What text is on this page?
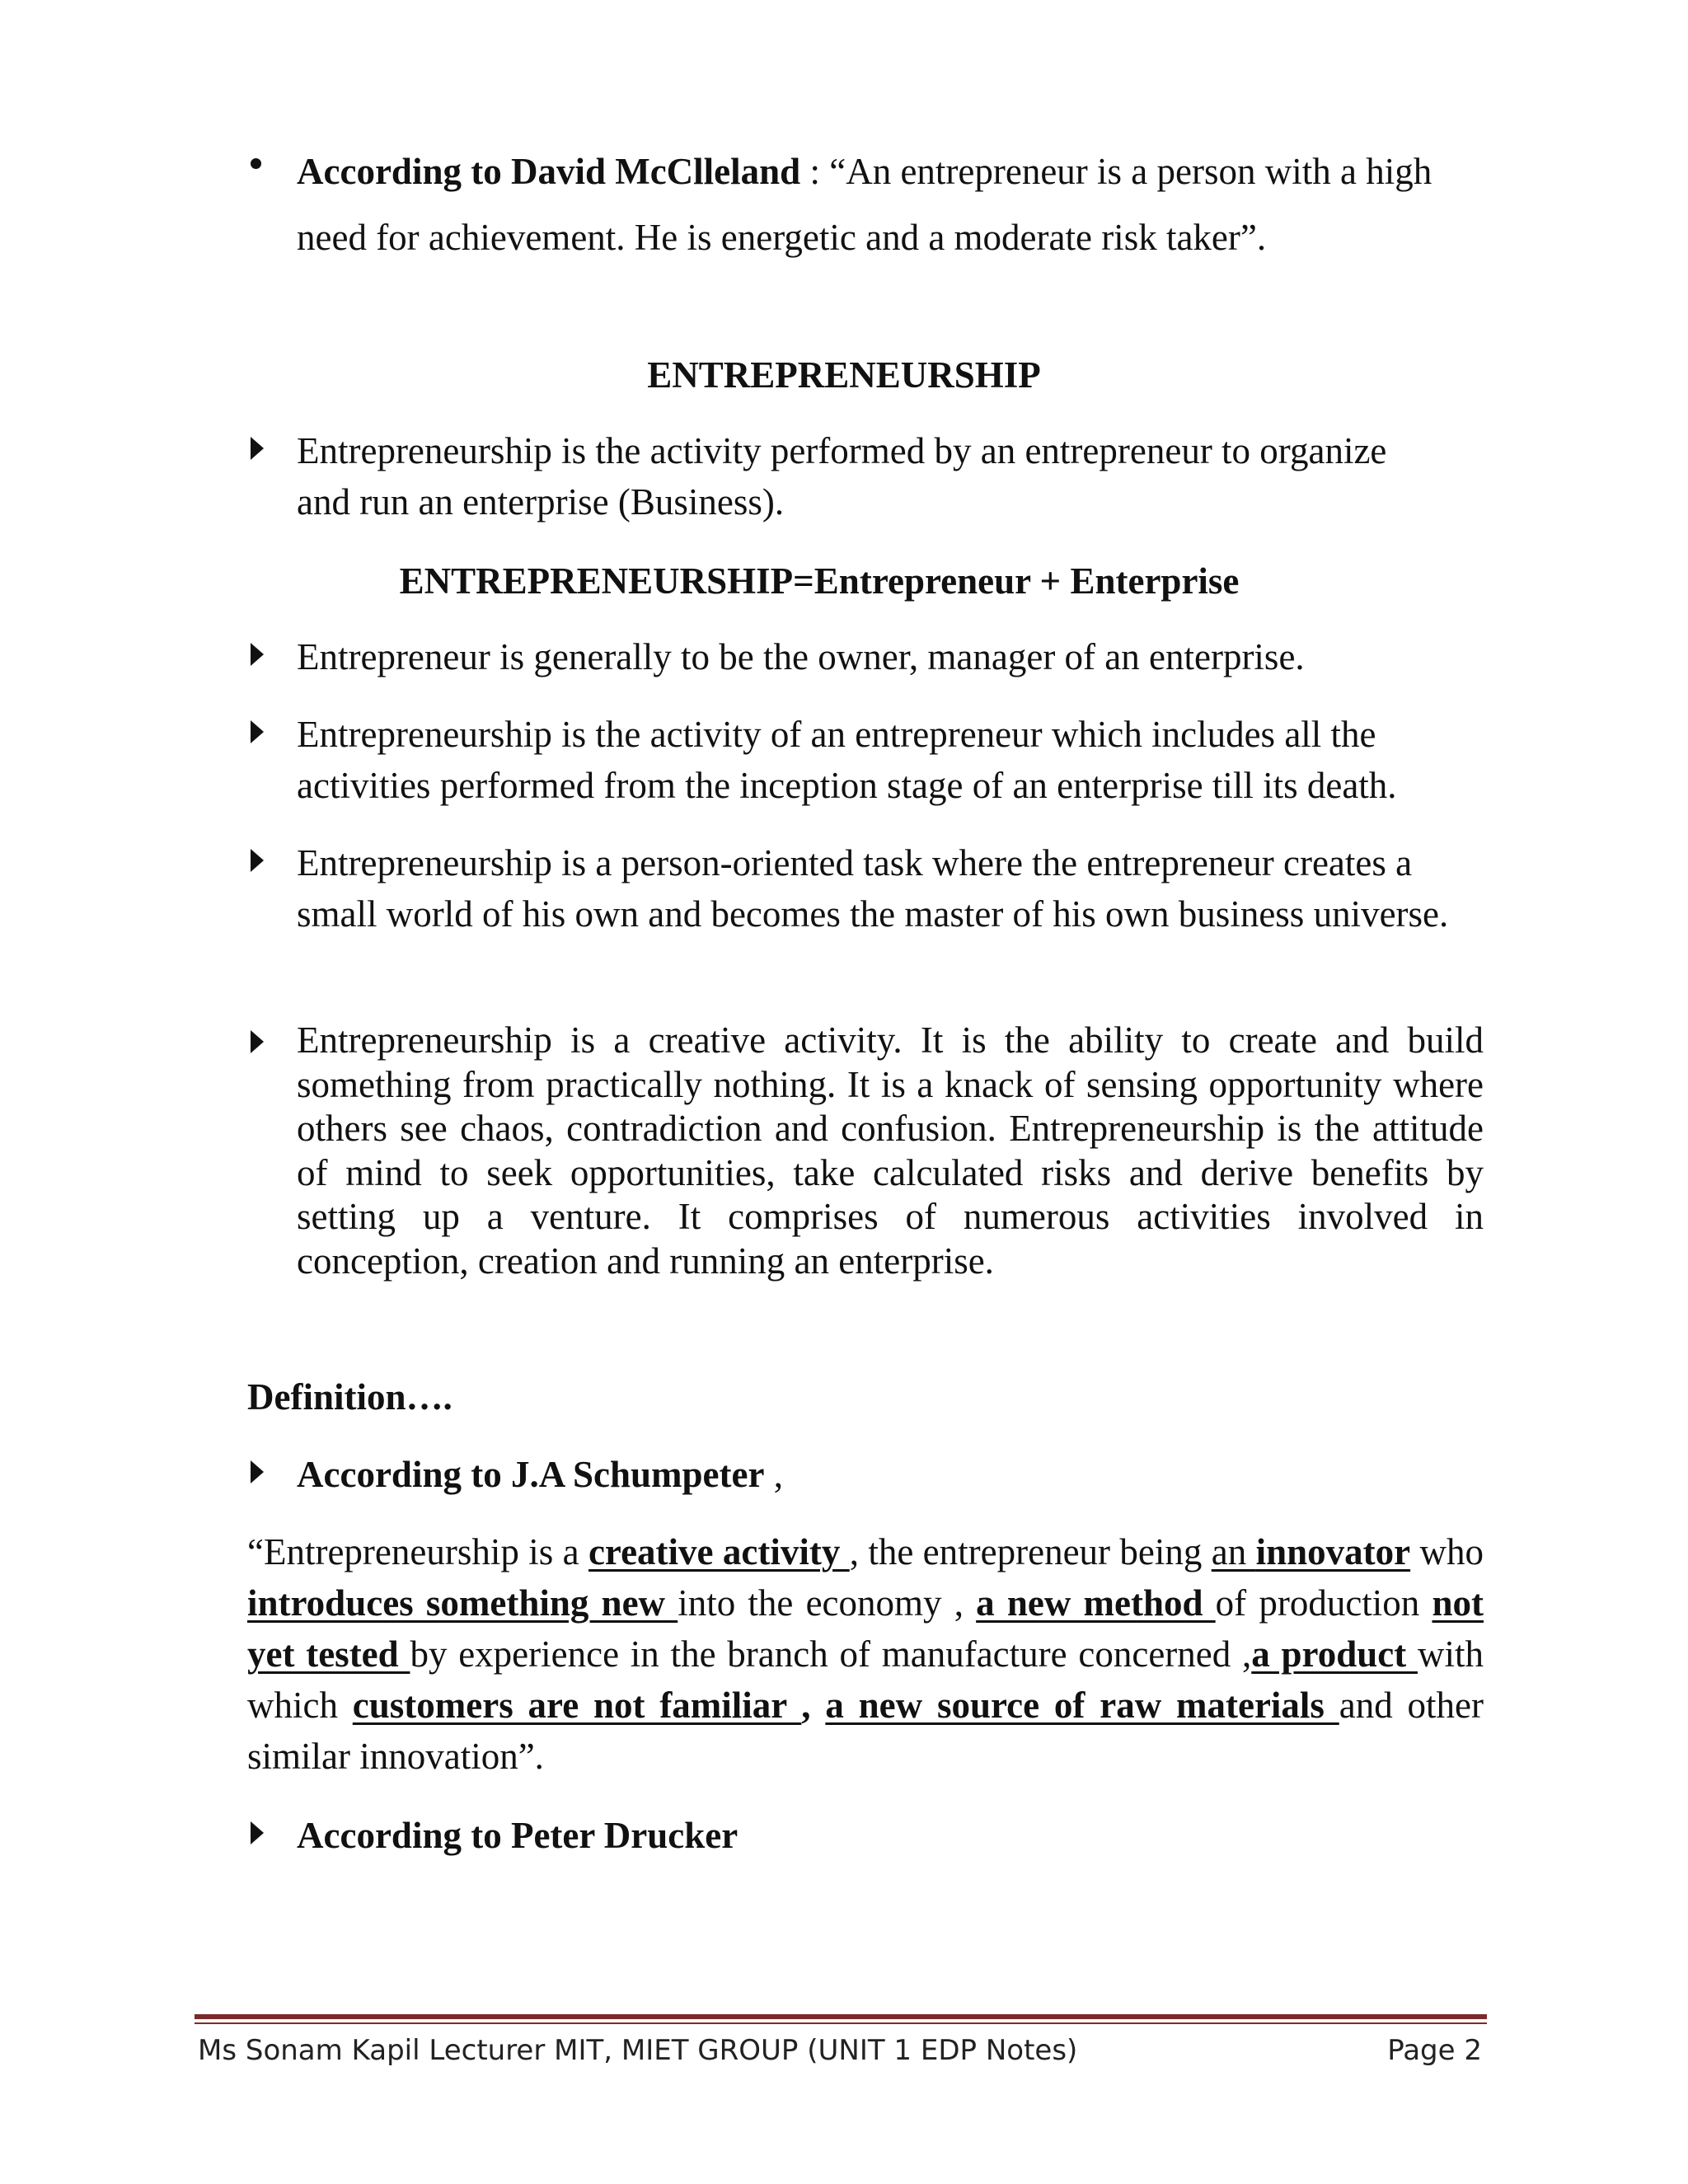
According to David McClleland : “An entrepreneur is a person with a high
need for achievement. He is energetic and a moderate risk taker”.
ENTREPRENEURSHIP
Entrepreneurship is the activity performed by an entrepreneur to organize
and run an enterprise (Business).
ENTREPRENEURSHIP=Entrepreneur + Enterprise
Entrepreneur is generally to be the owner, manager of an enterprise.
Entrepreneurship is the activity of an entrepreneur which includes all the activities performed from the inception stage of an enterprise till its death.
Entrepreneurship is a person-oriented task where the entrepreneur creates a small world of his own and becomes the master of his own business universe.
Entrepreneurship is a creative activity. It is the ability to create and build something from practically nothing. It is a knack of sensing opportunity where others see chaos, contradiction and confusion. Entrepreneurship is the attitude of mind to seek opportunities, take calculated risks and derive benefits by setting up a venture. It comprises of numerous activities involved in conception, creation and running an enterprise.

Definition….

According to J.A Schumpeter ,

“Entrepreneurship is a creative activity , the entrepreneur being an innovator who introduces something new into the economy , a new method of production not yet tested by experience in the branch of manufacture concerned ,a product with which customers are not familiar , a new source of raw materials and other similar innovation”.

According to Peter Drucker
Ms Sonam Kapil Lecturer MIT, MIET GROUP (UNIT 1 EDP Notes)	Page 2
